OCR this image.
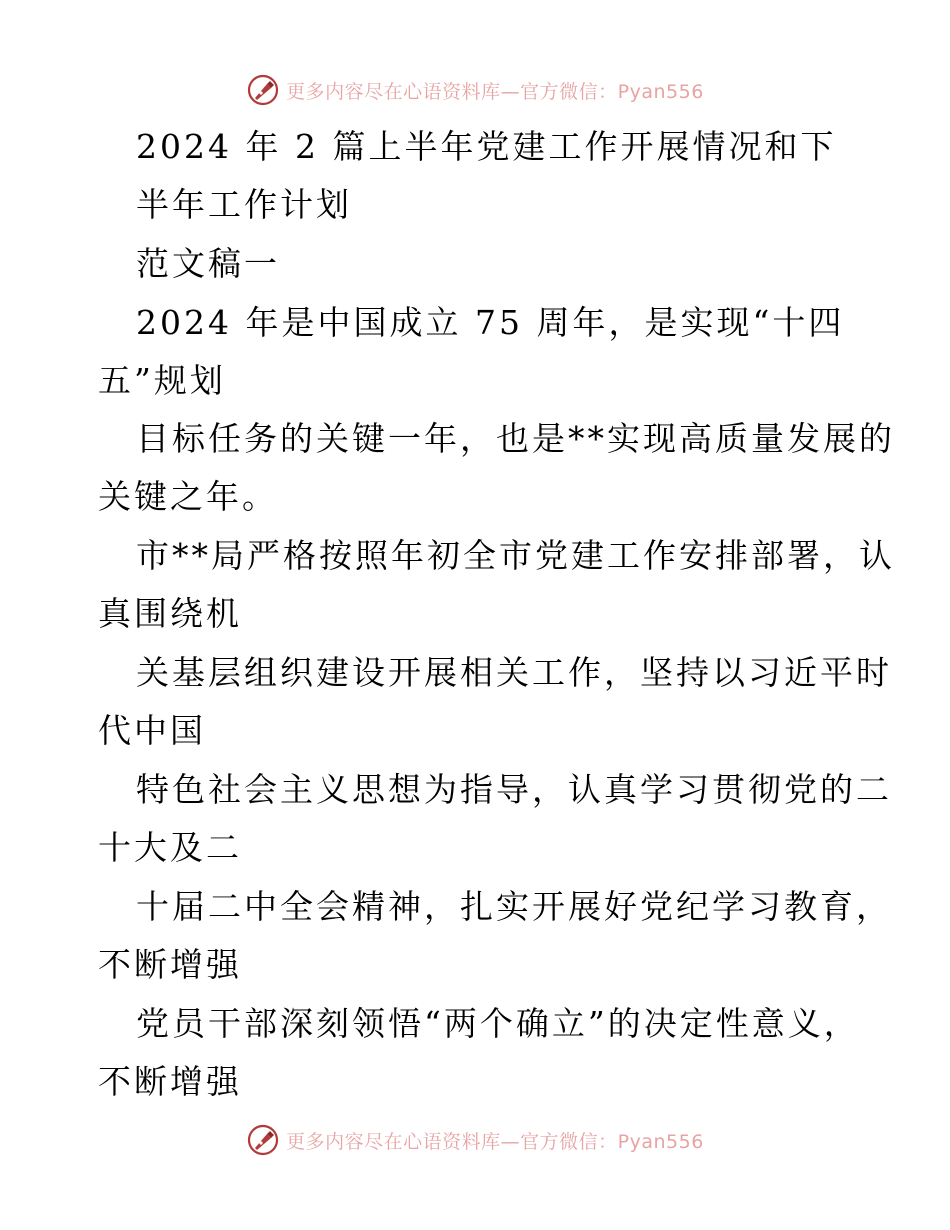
更多内容尽在心语资料库—官方微信：Pyan556
2024 年 2 篇上半年党建工作开展情况和下
半年工作计划
范文稿一
2024 年是中国成立 75 周年，是实现“十四
五”规划
目标任务的关键一年，也是**实现高质量发展的
关键之年。
市**局严格按照年初全市党建工作安排部署，认
真围绕机
关基层组织建设开展相关工作，坚持以习近平时
代中国
特色社会主义思想为指导，认真学习贯彻党的二
十大及二
十届二中全会精神，扎实开展好党纪学习教育，
不断增强
党员干部深刻领悟“两个确立”的决定性意义，
不断增强
更多内容尽在心语资料库—官方微信：Pyan556
